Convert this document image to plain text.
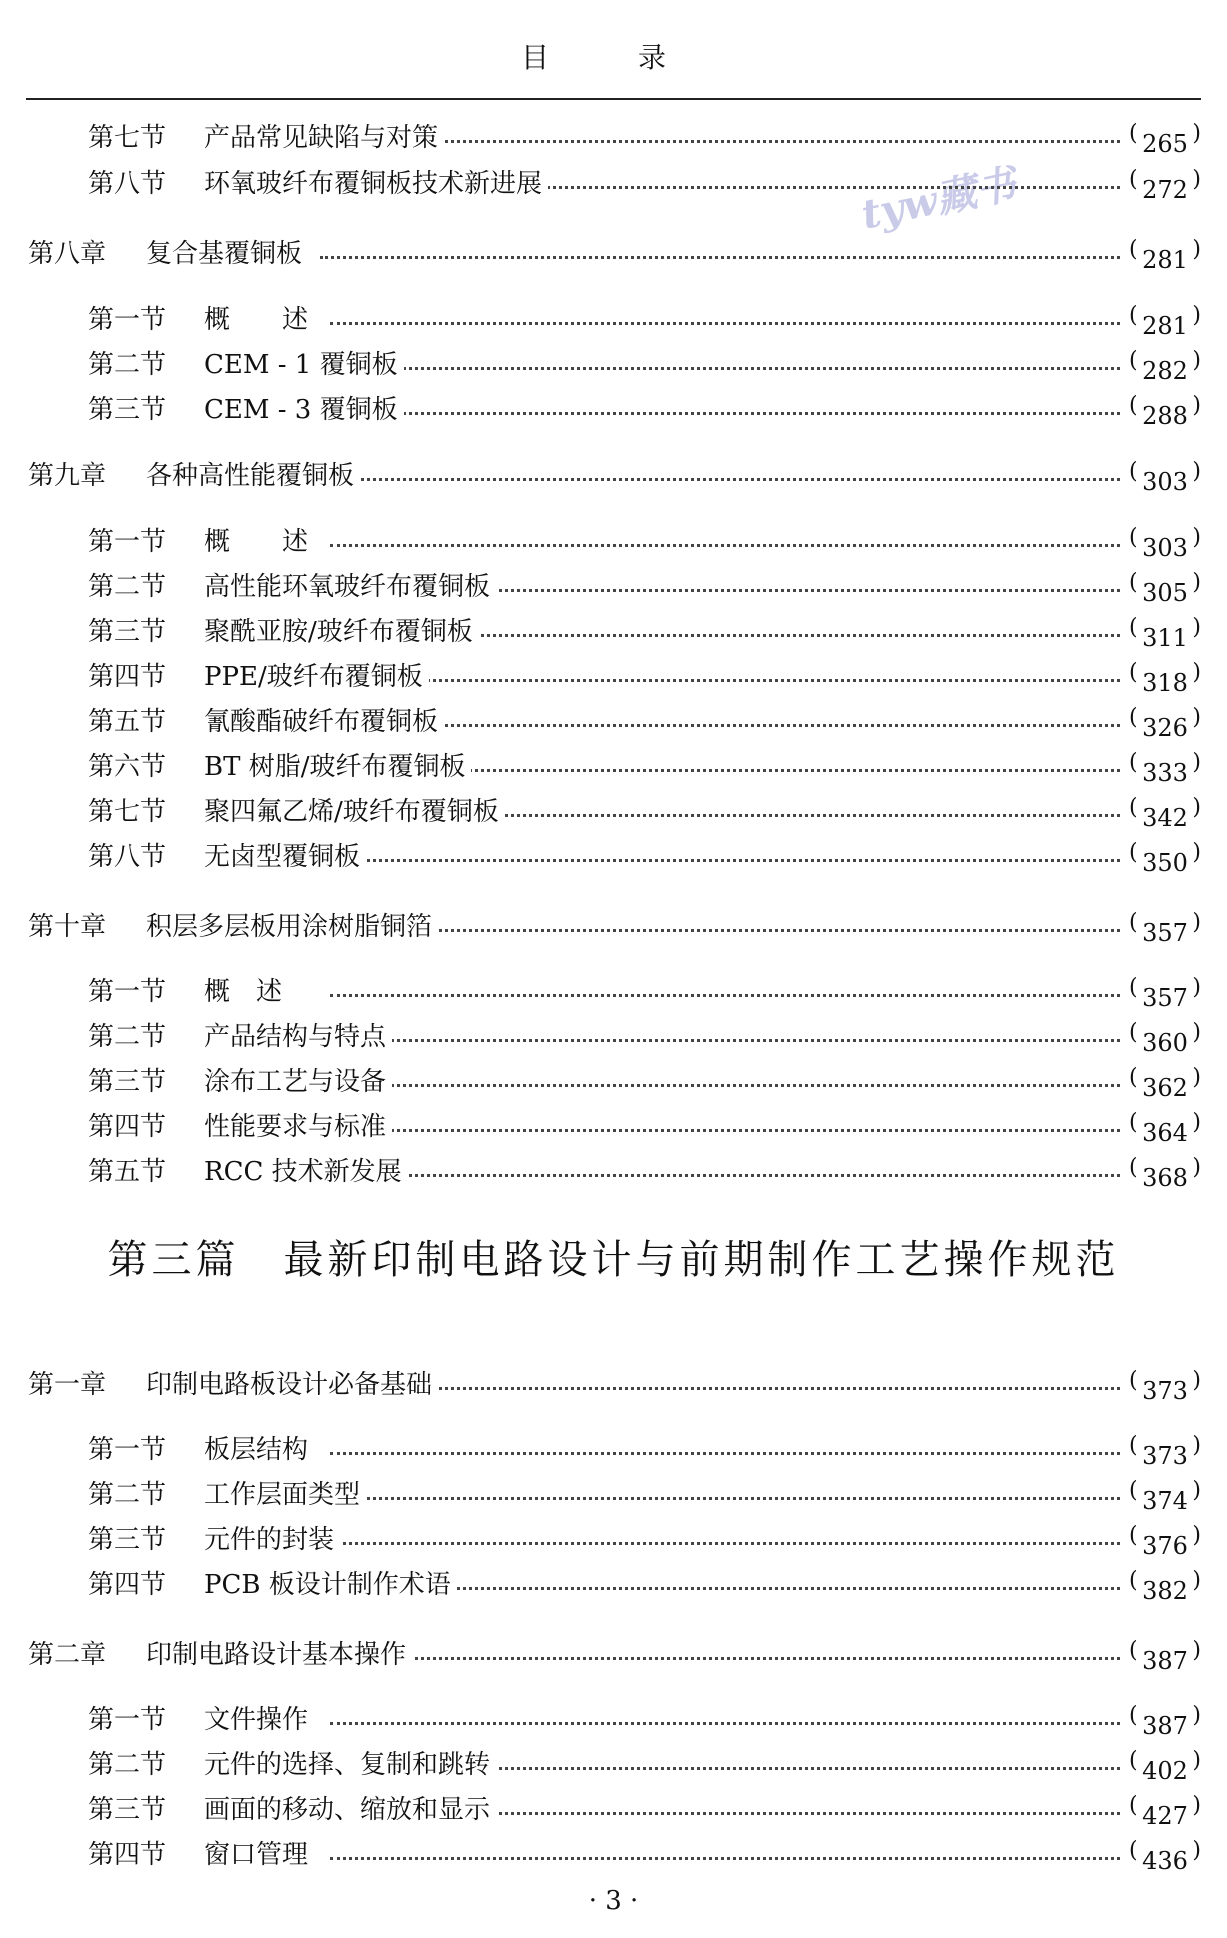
目 录
tyw藏书
第七节 产品常见缺陷与对策	( 265 )
第八节 环氧玻纤布覆铜板技术新进展	( 272 )
第八章 复合基覆铜板	( 281 )
第一节 概　　述	( 281 )
第二节 CEM - 1 覆铜板	( 282 )
第三节 CEM - 3 覆铜板	( 288 )
第九章 各种高性能覆铜板	( 303 )
第一节 概　　述	( 303 )
第二节 高性能环氧玻纤布覆铜板	( 305 )
第三节 聚酰亚胺/玻纤布覆铜板	( 311 )
第四节 PPE/玻纤布覆铜板	( 318 )
第五节 氰酸酯破纤布覆铜板	( 326 )
第六节 BT 树脂/玻纤布覆铜板	( 333 )
第七节 聚四氟乙烯/玻纤布覆铜板	( 342 )
第八节 无卤型覆铜板	( 350 )
第十章 积层多层板用涂树脂铜箔	( 357 )
第一节 概　述	( 357 )
第二节 产品结构与特点	( 360 )
第三节 涂布工艺与设备	( 362 )
第四节 性能要求与标准	( 364 )
第五节 RCC 技术新发展	( 368 )
第一章 印制电路板设计必备基础	( 373 )
第一节 板层结构	( 373 )
第二节 工作层面类型	( 374 )
第三节 元件的封装	( 376 )
第四节 PCB 板设计制作术语	( 382 )
第二章 印制电路设计基本操作	( 387 )
第一节 文件操作	( 387 )
第二节 元件的选择、复制和跳转	( 402 )
第三节 画面的移动、缩放和显示	( 427 )
第四节 窗口管理	( 436 )
第三篇　最新印制电路设计与前期制作工艺操作规范
· 3 ·
